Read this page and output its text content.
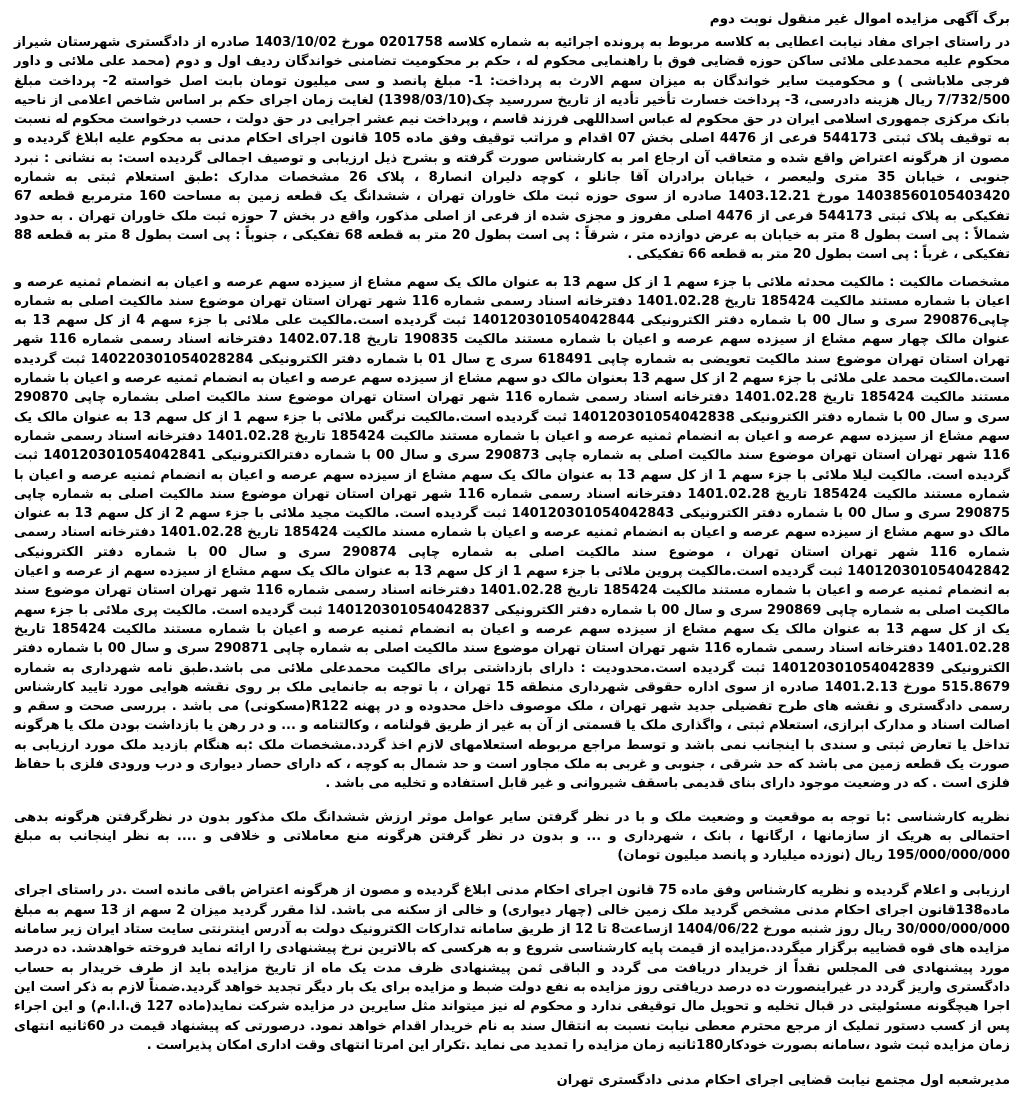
برگ آگهی مزایده اموال غیر منقول نوبت دوم

در راستای اجرای مفاد نیابت اعطایی به کلاسه مربوط به پرونده اجرائیه به شماره کلاسه 0201758 مورخ 1403/10/02 صادره از دادگستری شهرستان شیراز محکوم علیه محمدعلی ملائی ساکن حوزه قضایی فوق با راهنمایی محکوم له ، حکم بر محکومیت تضامنی خواندگان ردیف اول و دوم (محمد علی ملائی و داور فرجی ملاباشی ) و محکومیت سایر خواندگان به میزان سهم الارث به پرداخت: 1- مبلغ پانصد و سی میلیون تومان بابت اصل خواسته 2- پرداخت مبلغ 7/732/500 ریال هزینه دادرسی، 3- پرداخت خسارت تأخیر تأدیه از تاریخ سررسید چک(1398/03/10) لغایت زمان اجرای حکم بر اساس شاخص اعلامی از ناحیه بانک مرکزی جمهوری اسلامی ایران در حق محکوم له عباس اسداللهی فرزند قاسم ، وپرداخت نیم عشر اجرایی در حق دولت ، حسب درخواست محکوم له نسبت به توقیف پلاک ثبتی 544173 فرعی از 4476 اصلی بخش 07 اقدام و مراتب توقیف وفق ماده 105 قانون اجرای احکام مدنی به محکوم علیه ابلاغ گردیده و مصون از هرگونه اعتراض واقع شده و متعاقب آن ارجاع امر به کارشناس صورت گرفته و بشرح ذیل ارزیابی و توصیف اجمالی گردیده است: به نشانی : نبرد جنوبی ، خیابان 35 متری ولیعصر ، خیابان برادران آقا جانلو ، کوچه دلیران انصار8 ، پلاک 26 مشخصات مدارک :طبق استعلام ثبتی به شماره 14038560105403420 مورخ 1403.12.21 صادره از سوی حوزه ثبت ملک خاوران تهران ، ششدانگ یک قطعه زمین به مساحت 160 مترمربع قطعه 67 تفکیکی به پلاک ثبتی 544173 فرعی از 4476 اصلی مفروز و مجزی شده از فرعی از اصلی مذکور، واقع در بخش 7 حوزه ثبت ملک خاوران تهران . به حدود شمالاً : پی است بطول 8 متر به خیابان به عرض دوازده متر ، شرقاً : پی است بطول 20 متر به قطعه 68 تفکیکی ، جنوباً : پی است بطول 8 متر به قطعه 88 تفکیکی ، غرباً : پی است بطول 20 متر به قطعه 66 تفکیکی .

مشخصات مالکیت : مالکیت محدثه ملائی با جزء سهم 1 از کل سهم 13 به عنوان مالک یک سهم مشاع از سیزده سهم عرصه و اعیان به انضمام ثمنیه عرصه و اعیان با شماره مستند مالکیت 185424 تاریخ 1401.02.28 دفترخانه اسناد رسمی شماره 116 شهر تهران استان تهران موضوع سند مالکیت اصلی به شماره چاپی290876 سری و سال 00 با شماره دفتر الکترونیکی 140120301054042844 ثبت گردیده است.مالکیت علی ملائی با جزء سهم 4 از کل سهم 13 به عنوان مالک چهار سهم مشاع از سیزده سهم عرصه و اعیان با شماره مستند مالکیت 190835 تاریخ 1402.07.18 دفترخانه اسناد رسمی شماره 116 شهر تهران استان تهران موضوع سند مالکیت تعویضی به شماره چاپی 618491 سری ج سال 01 با شماره دفتر الکترونیکی 140220301054028284 ثبت گردیده است.مالکیت محمد علی ملائی با جزء سهم 2 از کل سهم 13 بعنوان مالک دو سهم مشاع از سیزده سهم عرصه و اعیان به انضمام ثمنیه عرصه و اعیان با شماره مستند مالکیت 185424 تاریخ 1401.02.28 دفترخانه اسناد رسمی شماره 116 شهر تهران استان تهران موضوع سند مالکیت اصلی بشماره چاپی 290870 سری و سال 00 با شماره دفتر الکترونیکی 140120301054042838 ثبت گردیده است.مالکیت نرگس ملائی با جزء سهم 1 از کل سهم 13 به عنوان مالک یک سهم مشاع از سیزده سهم عرصه و اعیان به انضمام ثمنیه عرصه و اعیان با شماره مستند مالکیت 185424 تاریخ 1401.02.28 دفترخانه اسناد رسمی شماره 116 شهر تهران استان تهران موضوع سند مالکیت اصلی به شماره چاپی 290873 سری و سال 00 با شماره دفترالکترونیکی 140120301054042841 ثبت گردیده است. مالکیت لیلا ملائی با جزء سهم 1 از کل سهم 13 به عنوان مالک یک سهم مشاع از سیزده سهم عرصه و اعیان به انضمام ثمنیه عرصه و اعیان با شماره مستند مالکیت 185424 تاریخ 1401.02.28 دفترخانه اسناد رسمی شماره 116 شهر تهران استان تهران موضوع سند مالکیت اصلی به شماره چاپی 290875 سری و سال 00 با شماره دفتر الکترونیکی 140120301054042843 ثبت گردیده است. مالکیت مجید ملائی با جزء سهم 2 از کل سهم 13 به عنوان مالک دو سهم مشاع از سیزده سهم عرصه و اعیان به انضمام ثمنیه عرصه و اعیان با شماره مسند مالکیت 185424 تاریخ 1401.02.28 دفترخانه اسناد رسمی شماره 116 شهر تهران استان تهران ، موضوع سند مالکیت اصلی به شماره چاپی 290874 سری و سال 00 با شماره دفتر الکترونیکی 140120301054042842 ثبت گردیده است.مالکیت پروین ملائی با جزء سهم 1 از کل سهم 13 به عنوان مالک یک سهم مشاع از سیزده سهم از عرصه و اعیان به انضمام ثمنیه عرصه و اعیان با شماره مستند مالکیت 185424 تاریخ 1401.02.28 دفترخانه اسناد رسمی شماره 116 شهر تهران استان تهران موضوع سند مالکیت اصلی به شماره چاپی 290869 سری و سال 00 با شماره دفتر الکترونیکی 140120301054042837 ثبت گردیده است. مالکیت پری ملائی با جزء سهم یک از کل سهم 13 به عنوان مالک یک سهم مشاع از سیزده سهم عرصه و اعیان به انضمام ثمنیه عرصه و اعیان با شماره مستند مالکیت 185424 تاریخ 1401.02.28 دفترخانه اسناد رسمی شماره 116 شهر تهران استان تهران موضوع سند مالکیت اصلی به شماره چاپی 290871 سری و سال 00 با شماره دفتر الکترونیکی 140120301054042839 ثبت گردیده است.محدودیت : دارای بازداشتی برای مالکیت محمدعلی ملائی می باشد.طبق نامه شهرداری به شماره 515.8679 مورخ 1401.2.13 صادره از سوی اداره حقوقی شهرداری منطقه 15 تهران ، با توجه به جانمایی ملک بر روی نقشه هوایی مورد تایید کارشناس رسمی دادگستری و نقشه های طرح تفضیلی جدید شهر تهران ، ملک موصوف داخل محدوده و در پهنه R122(مسکونی) می باشد . بررسی صحت و سقم و اصالت اسناد و مدارک ابرازی، استعلام ثبتی ، واگذاری ملک یا قسمتی از آن به غیر از طریق قولنامه ، وکالتنامه و ... و در رهن یا بازداشت بودن ملک یا هرگونه تداخل یا تعارض ثبتی و سندی با اینجانب نمی باشد و توسط مراجع مربوطه استعلامهای لازم اخذ گردد.مشخصات ملک :به هنگام بازدید ملک مورد ارزیابی به صورت یک قطعه زمین می باشد که حد شرقی ، جنوبی و غربی به ملک مجاور است و حد شمال به کوچه ، که دارای حصار دیواری و درب ورودی فلزی با حفاظ فلزی است . که در وضعیت موجود دارای بنای قدیمی باسقف شیروانی و غیر قابل استفاده و تخلیه می باشد .

نظریه کارشناسی :با توجه به موقعیت و وضعیت ملک و با در نظر گرفتن سایر عوامل موثر ارزش ششدانگ ملک مذکور بدون در نظرگرفتن هرگونه بدهی احتمالی به هریک از سازمانها ، ارگانها ، بانک ، شهرداری و ... و بدون در نظر گرفتن هرگونه منع معاملاتی و خلافی و .... به نظر اینجانب به مبلغ 195/000/000/000 ریال (نوزده میلیارد و پانصد میلیون تومان)

ارزیابی و اعلام گردیده و نظریه کارشناس وفق ماده 75 قانون اجرای احکام مدنی ابلاغ گردیده و مصون از هرگونه اعتراض باقی مانده است .در راستای اجرای ماده138قانون اجرای احکام مدنی مشخص گردید ملک زمین خالی (چهار دیواری) و خالی از سکنه می باشد. لذا مقرر گردید میزان 2 سهم از 13 سهم به مبلغ 30/000/000/000 ریال روز شنبه مورخ 1404/06/22 ازساعت8 تا 12 از طریق سامانه تدارکات الکترونیک دولت به آدرس اینترنتی سایت ستاد ایران زیر سامانه مزایده های قوه قضاییه برگزار میگردد.مزایده از قیمت پایه کارشناسی شروع و به هرکسی که بالاترین نرخ پیشنهادی را ارائه نماید فروخته خواهدشد. ده درصد مورد پیشنهادی فی المجلس نقداً از خریدار دریافت می گردد و الباقی ثمن پیشنهادی ظرف مدت یک ماه از تاریخ مزایده باید از طرف خریدار به حساب دادگستری واریز گردد در غیراینصورت ده درصد دریافتی روز مزایده به نفع دولت ضبط و مزایده برای یک بار دیگر تجدید خواهد گردید.ضمناً لازم به ذکر است این اجرا هیچگونه مسئولیتی در قبال تخلیه و تحویل مال توقیفی ندارد و محکوم له نیز میتواند مثل سایرین در مزایده شرکت نماید(ماده 127 ق.ا.ا.م) و این اجراء پس از کسب دستور تملیک از مرجع محترم معطی نیابت نسبت به انتقال سند به نام خریدار اقدام خواهد نمود. درصورتی که پیشنهاد قیمت در 60ثانیه انتهای زمان مزایده ثبت شود ،سامانه بصورت خودکار180ثانیه زمان مزایده را تمدید می نماید .تکرار این امرتا انتهای وقت اداری امکان پذیراست .

مدیرشعبه اول مجتمع نیابت قضایی اجرای احکام مدنی دادگستری تهران
